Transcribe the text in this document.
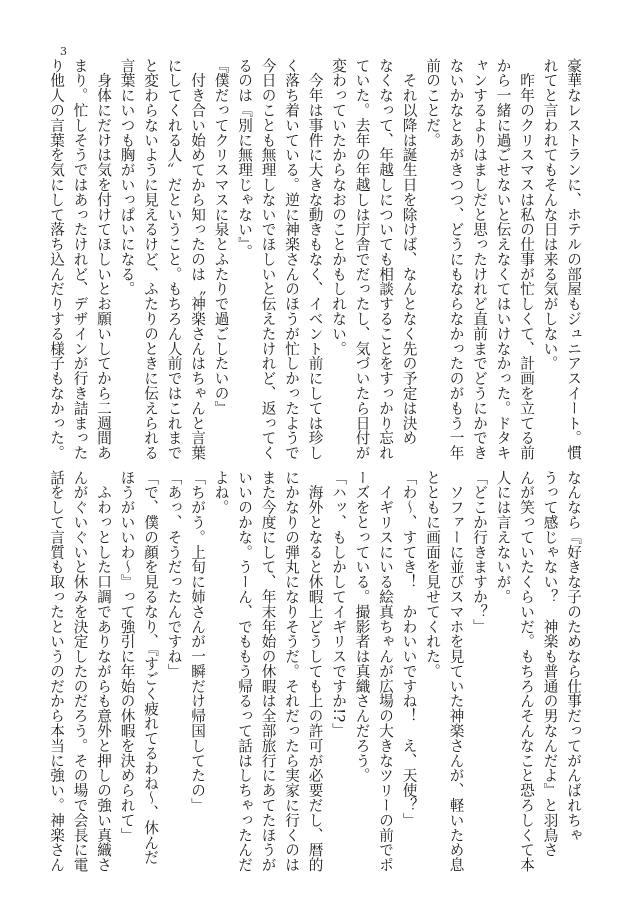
3

豪華なレストランに、ホテルの部屋もジュニアスイート。慣

れてと言われてもそんな日は来る気がしない。

　昨年のクリスマスは私の仕事が忙しくて、計画を立てる前

から一緒に過ごせないと伝えなくてはいけなかった。ドタキ

ャンするよりはましだと思ったけれど直前までどうにかでき

ないかなとあがきつつ、どうにもならなかったのがもう一年

前のことだ。

　それ以降は誕生日を除けば、なんとなく先の予定は決め

なくなって、年越しについても相談することをすっかり忘れ

ていた。去年の年越しは庁舎でだったし、気づいたら日付が

変わっていたからなおのことかもしれない。

　今年は事件に大きな動きもなく、イベント前にしては珍し

く落ち着いている。逆に神楽さんのほうが忙しかったようで

今日のことも無理しないでほしいと伝えたけれど、返ってく

るのは『別に無理じゃない』。

『僕だってクリスマスに泉とふたりで過ごしたいの』

　付き合い始めてから知ったのは〝神楽さんはちゃんと言葉

にしてくれる人〟だということ。もちろん人前ではこれまで

と変わらないように見えるけど、ふたりのときに伝えられる

言葉にいつも胸がいっぱいになる。

　身体にだけは気を付けてほしいとお願いしてから二週間あ

まり。忙しそうではあったけれど、デザインが行き詰まった

り他人の言葉を気にして落ち込んだりする様子もなかった。

なんなら『好きな子のためなら仕事だってがんばれちゃ

うって感じゃない？　神楽も普通の男なんだよ』と羽鳥さ

んが笑っていたくらいだ。もちろんそんなこと恐ろしくて本

人には言えないが。

「どこか行きますか？」

　ソファーに並びスマホを見ていた神楽さんが、軽いため息

とともに画面を見せてくれた。

「わ～、すてき！　かわいいですね！　え、天使？」

　イギリスにいる絵真ちゃんが広場の大きなツリーの前でポ

ーズをとっている。撮影者は真織さんだろう。

「ハッ、もしかしてイギリスですか!?」

　海外となると休暇上どうしても上の許可が必要だし、暦的

にかなりの弾丸になりそうだ。それだったら実家に行くのは

また今度にして、年末年始の休暇は全部旅行にあてたほうが

いいのかな。うーん、でももう帰るって話はしちゃったんだ

よね。

「ちがう。上旬に姉さんが一瞬だけ帰国してたの」

「あっ、そうだったんですね」

「で、僕の顔を見るなり、『すごく疲れてるわね～、休んだ

ほうがいいわ～』って強引に年始の休暇を決められて」

　ふわっとした口調でありながらも意外と押しの強い真織さ

んがぐいぐいと休みを決定したのだろう。その場で会長に電

話をして言質も取ったというのだから本当に強い。神楽さん
